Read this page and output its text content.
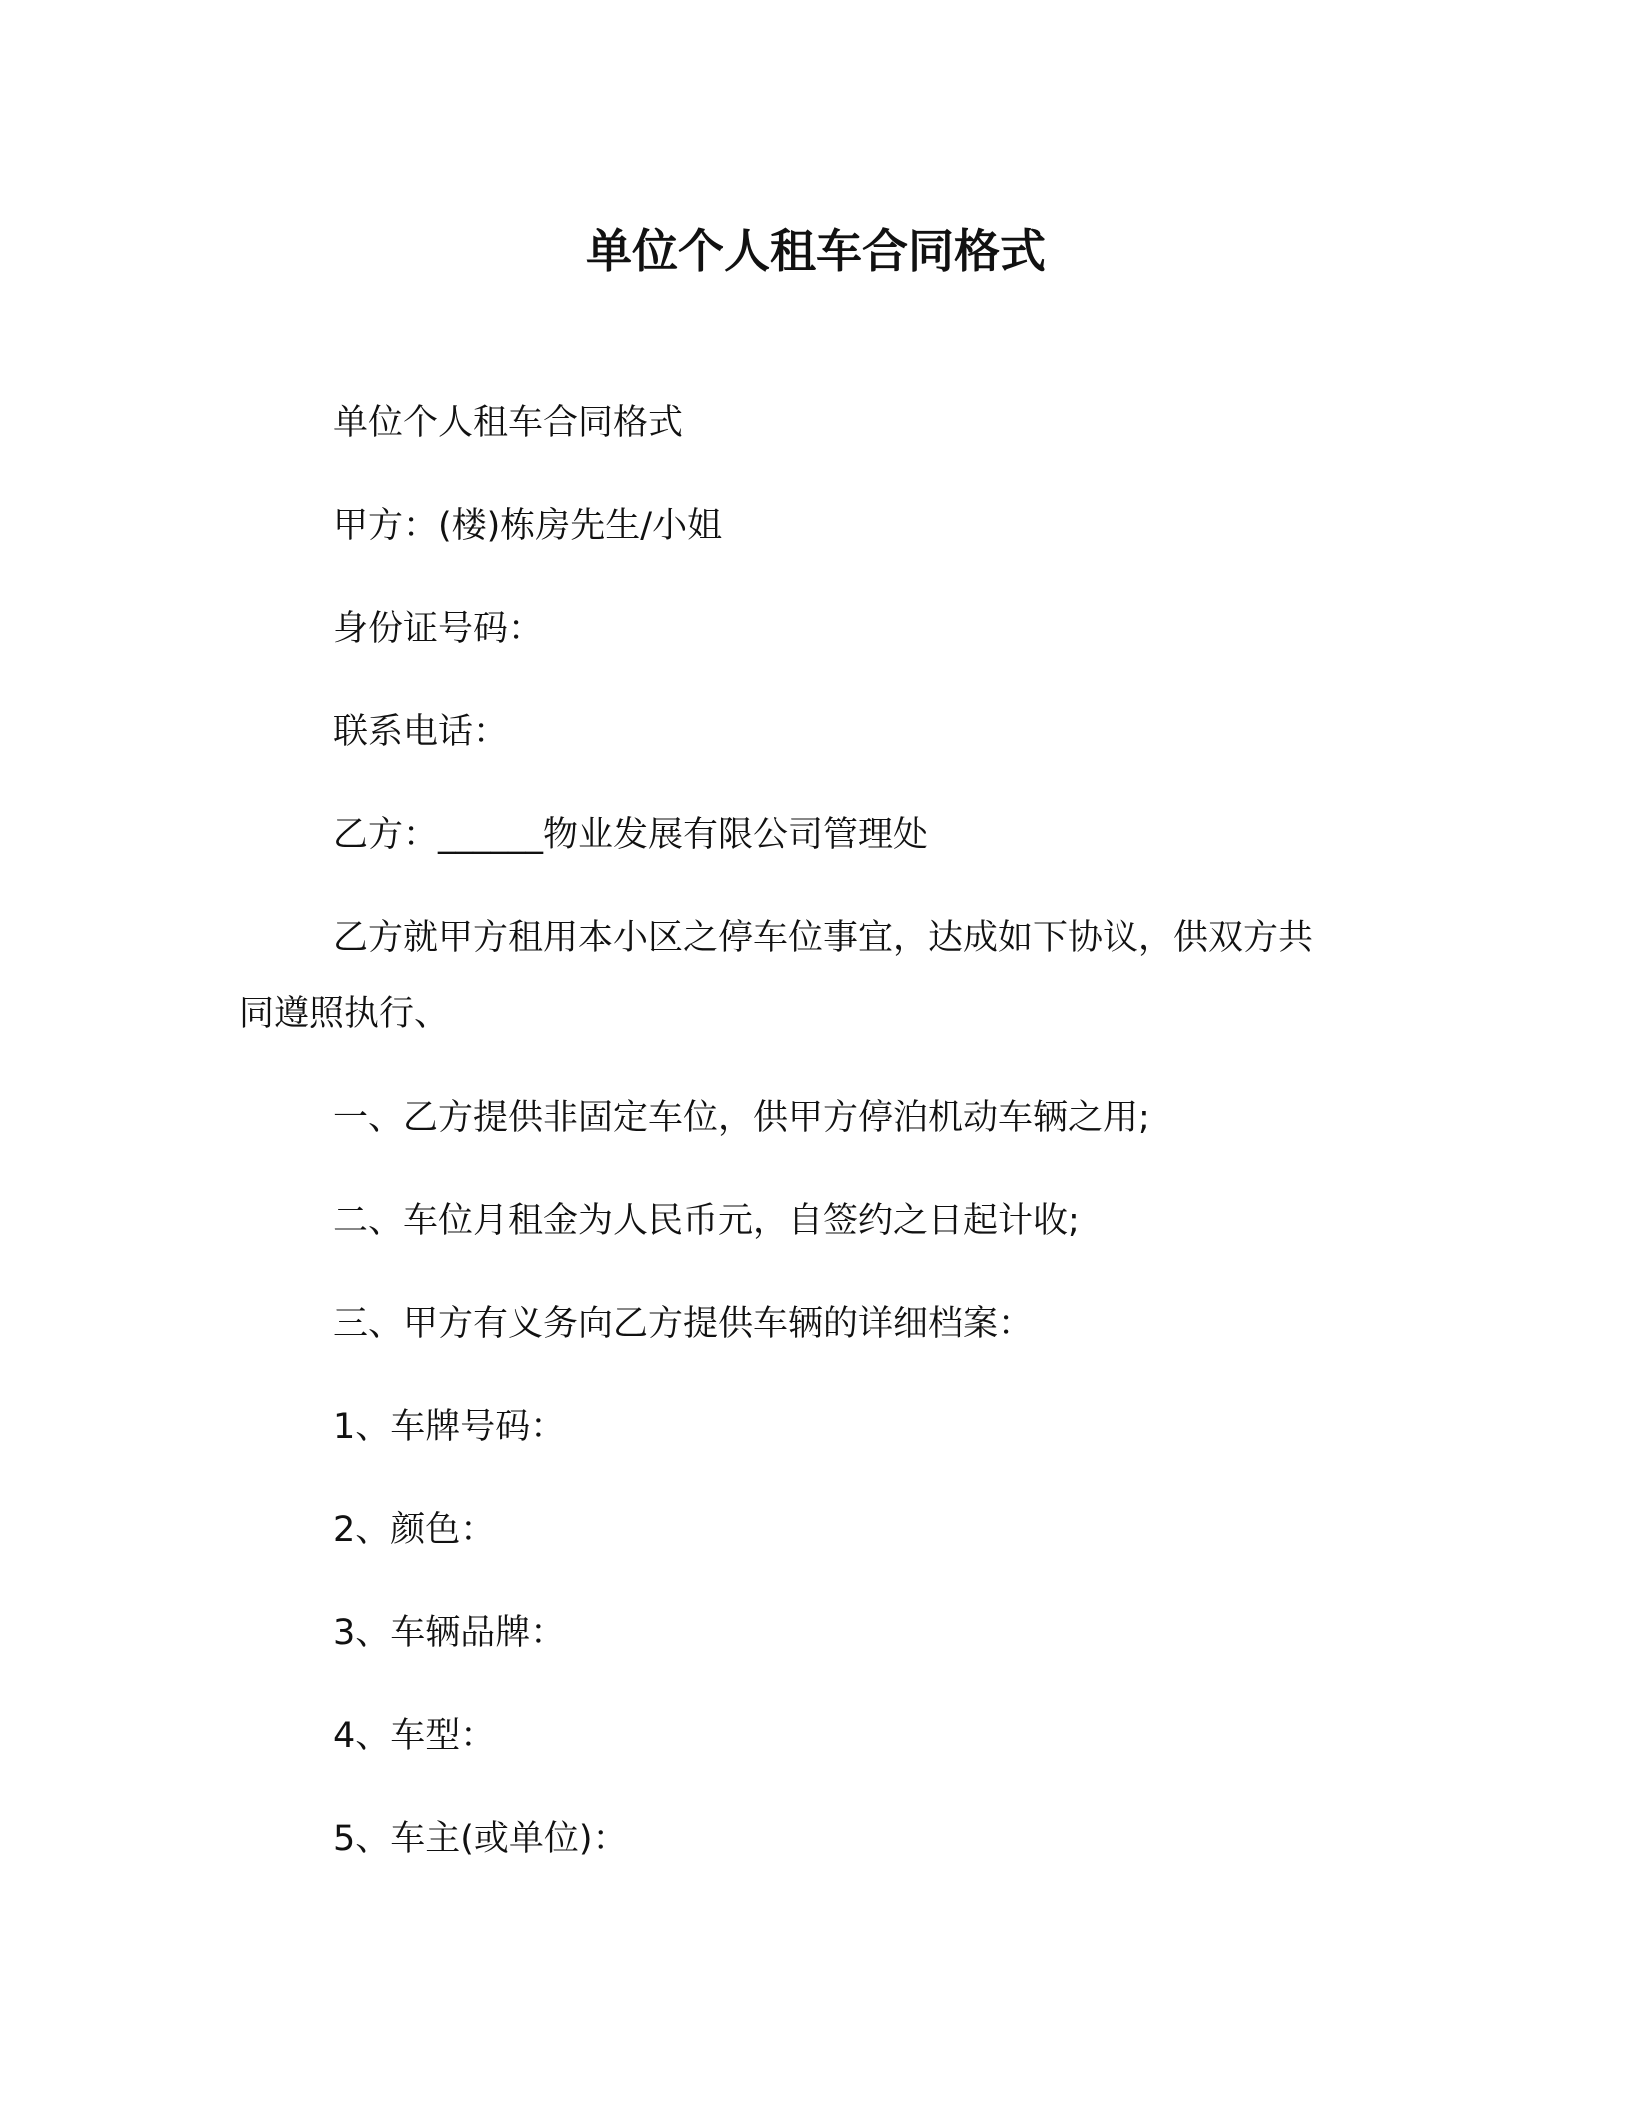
单位个人租车合同格式

单位个人租车合同格式

甲方：(楼)栋房先生/小姐

身份证号码：

联系电话：

乙方：______物业发展有限公司管理处

乙方就甲方租用本小区之停车位事宜，达成如下协议，供双方共

同遵照执行、

一、乙方提供非固定车位，供甲方停泊机动车辆之用;

二、车位月租金为人民币元，自签约之日起计收;

三、甲方有义务向乙方提供车辆的详细档案：

1、车牌号码：

2、颜色：

3、车辆品牌：

4、车型：

5、车主(或单位)：
